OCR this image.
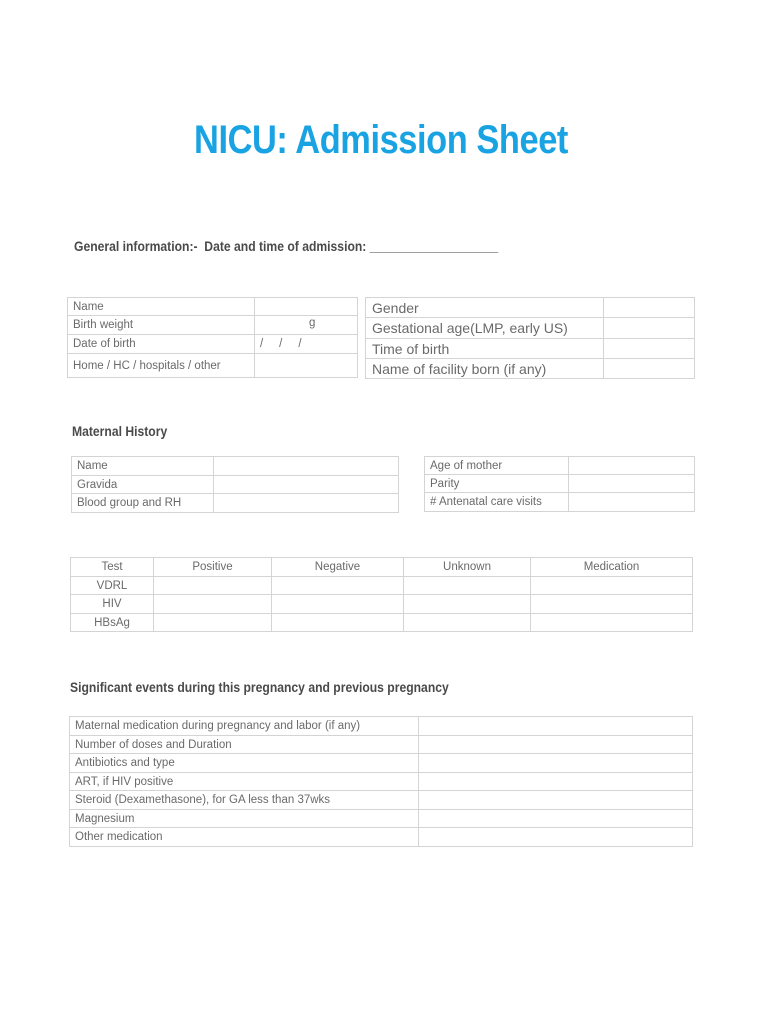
NICU: Admission Sheet
General information:- Date and time of admission: ___________________
Name	
Birth weight	g

Date of birth	/     /     /
Home / HC / hospitals / other	
Gender	
Gestational age(LMP, early US)	
Time of birth	
Name of facility born (if any)	
Maternal History
Name	
Gravida	
Blood group and RH	
Age of mother	
Parity	
# Antenatal care visits	
Test	Positive	Negative	Unknown	Medication
VDRL				
HIV				
HBsAg				
Significant events during this pregnancy and previous pregnancy
Maternal medication during pregnancy and labor (if any)	
Number of doses and Duration	
Antibiotics and type	
ART, if HIV positive	
Steroid (Dexamethasone), for GA less than 37wks	
Magnesium	
Other medication	
